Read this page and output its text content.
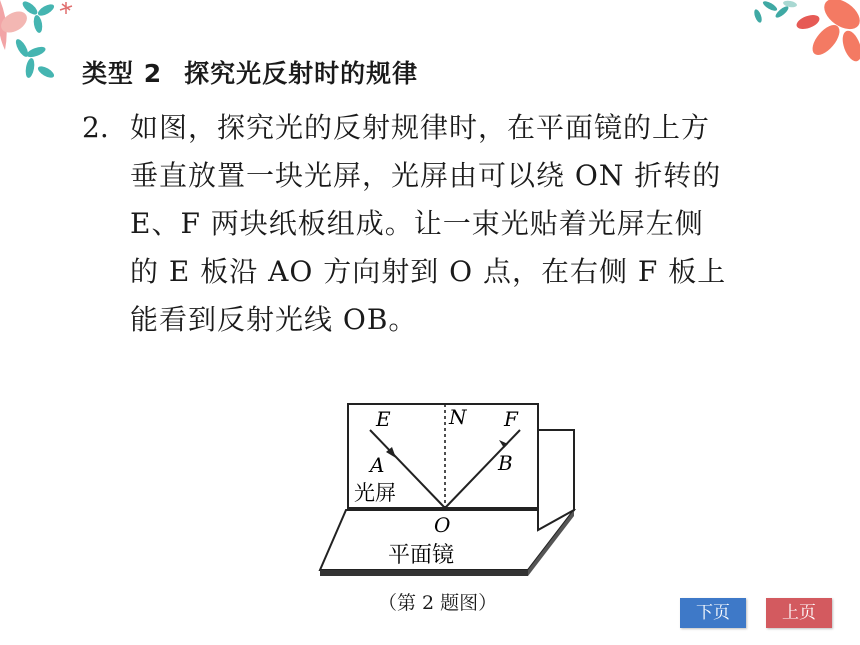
类型 2 探究光反射时的规律
2. 如图，探究光的反射规律时，在平面镜的上方
垂直放置一块光屏，光屏由可以绕 ON 折转的
E、F 两块纸板组成。让一束光贴着光屏左侧
的 E 板沿 AO 方向射到 O 点，在右侧 F 板上
能看到反射光线 OB。
E	N F
A	B
光屏
O
平面镜
（第 2 题图）	下页	上页
